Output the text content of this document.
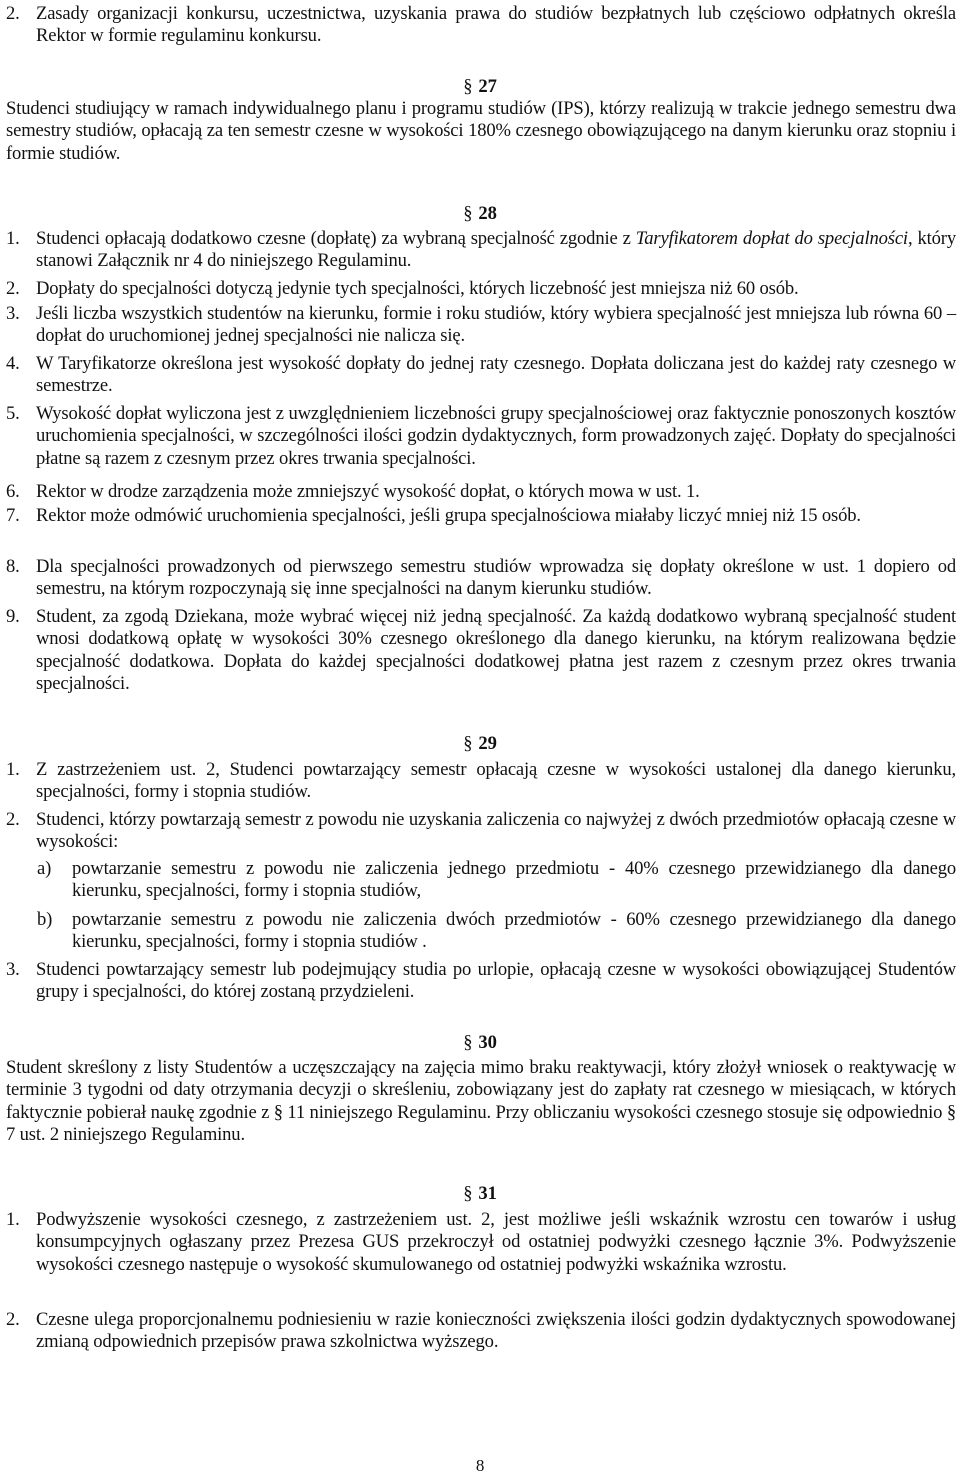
2. Zasady organizacji konkursu, uczestnictwa, uzyskania prawa do studiów bezpłatnych lub częściowo odpłatnych określa Rektor w formie regulaminu konkursu.
§ 27
Studenci studiujący w ramach indywidualnego planu i programu studiów (IPS), którzy realizują w trakcie jednego semestru dwa semestry studiów, opłacają za ten semestr czesne w wysokości 180% czesnego obowiązującego na danym kierunku oraz stopniu i formie studiów.
§ 28
1. Studenci opłacają dodatkowo czesne (dopłatę) za wybraną specjalność zgodnie z Taryfikatorem dopłat do specjalności, który stanowi Załącznik nr 4 do niniejszego Regulaminu.
2. Dopłaty do specjalności dotyczą jedynie tych specjalności, których liczebność jest mniejsza niż 60 osób.
3. Jeśli liczba wszystkich studentów na kierunku, formie i roku studiów, który wybiera specjalność jest mniejsza lub równa 60 – dopłat do uruchomionej jednej specjalności nie nalicza się.
4. W Taryfikatorze określona jest wysokość dopłaty do jednej raty czesnego. Dopłata doliczana jest do każdej raty czesnego w semestrze.
5. Wysokość dopłat wyliczona jest z uwzględnieniem liczebności grupy specjalnościowej oraz faktycznie ponoszonych kosztów uruchomienia specjalności, w szczególności ilości godzin dydaktycznych, form prowadzonych zajęć. Dopłaty do specjalności płatne są razem z czesnym przez okres trwania specjalności.
6. Rektor w drodze zarządzenia może zmniejszyć wysokość dopłat, o których mowa w ust. 1.
7. Rektor może odmówić uruchomienia specjalności, jeśli grupa specjalnościowa miałaby liczyć mniej niż 15 osób.
8. Dla specjalności prowadzonych od pierwszego semestru studiów wprowadza się dopłaty określone w ust. 1 dopiero od semestru, na którym rozpoczynają się inne specjalności na danym kierunku studiów.
9. Student, za zgodą Dziekana, może wybrać więcej niż jedną specjalność. Za każdą dodatkowo wybraną specjalność student wnosi dodatkową opłatę w wysokości 30% czesnego określonego dla danego kierunku, na którym realizowana będzie specjalność dodatkowa. Dopłata do każdej specjalności dodatkowej płatna jest razem z czesnym przez okres trwania specjalności.
§ 29
1. Z zastrzeżeniem ust. 2, Studenci powtarzający semestr opłacają czesne w wysokości ustalonej dla danego kierunku, specjalności, formy i stopnia studiów.
2. Studenci, którzy powtarzają semestr z powodu nie uzyskania zaliczenia co najwyżej z dwóch przedmiotów opłacają czesne w wysokości:
a) powtarzanie semestru z powodu nie zaliczenia jednego przedmiotu - 40% czesnego przewidzianego dla danego kierunku, specjalności, formy i stopnia studiów,
b) powtarzanie semestru z powodu nie zaliczenia dwóch przedmiotów - 60% czesnego przewidzianego dla danego kierunku, specjalności, formy i stopnia studiów .
3. Studenci powtarzający semestr lub podejmujący studia po urlopie, opłacają czesne w wysokości obowiązującej Studentów grupy i specjalności, do której zostaną przydzieleni.
§ 30
Student skreślony z listy Studentów a uczęszczający na zajęcia mimo braku reaktywacji, który złożył wniosek o reaktywację w terminie 3 tygodni od daty otrzymania decyzji o skreśleniu, zobowiązany jest do zapłaty rat czesnego w miesiącach, w których faktycznie pobierał naukę zgodnie z § 11 niniejszego Regulaminu. Przy obliczaniu wysokości czesnego stosuje się odpowiednio § 7 ust. 2 niniejszego Regulaminu.
§ 31
1. Podwyższenie wysokości czesnego, z zastrzeżeniem ust. 2, jest możliwe jeśli wskaźnik wzrostu cen towarów i usług konsumpcyjnych ogłaszany przez Prezesa GUS przekroczył od ostatniej podwyżki czesnego łącznie 3%. Podwyższenie wysokości czesnego następuje o wysokość skumulowanego od ostatniej podwyżki wskaźnika wzrostu.
2. Czesne ulega proporcjonalnemu podniesieniu w razie konieczności zwiększenia ilości godzin dydaktycznych spowodowanej zmianą odpowiednich przepisów prawa szkolnictwa wyższego.
8
